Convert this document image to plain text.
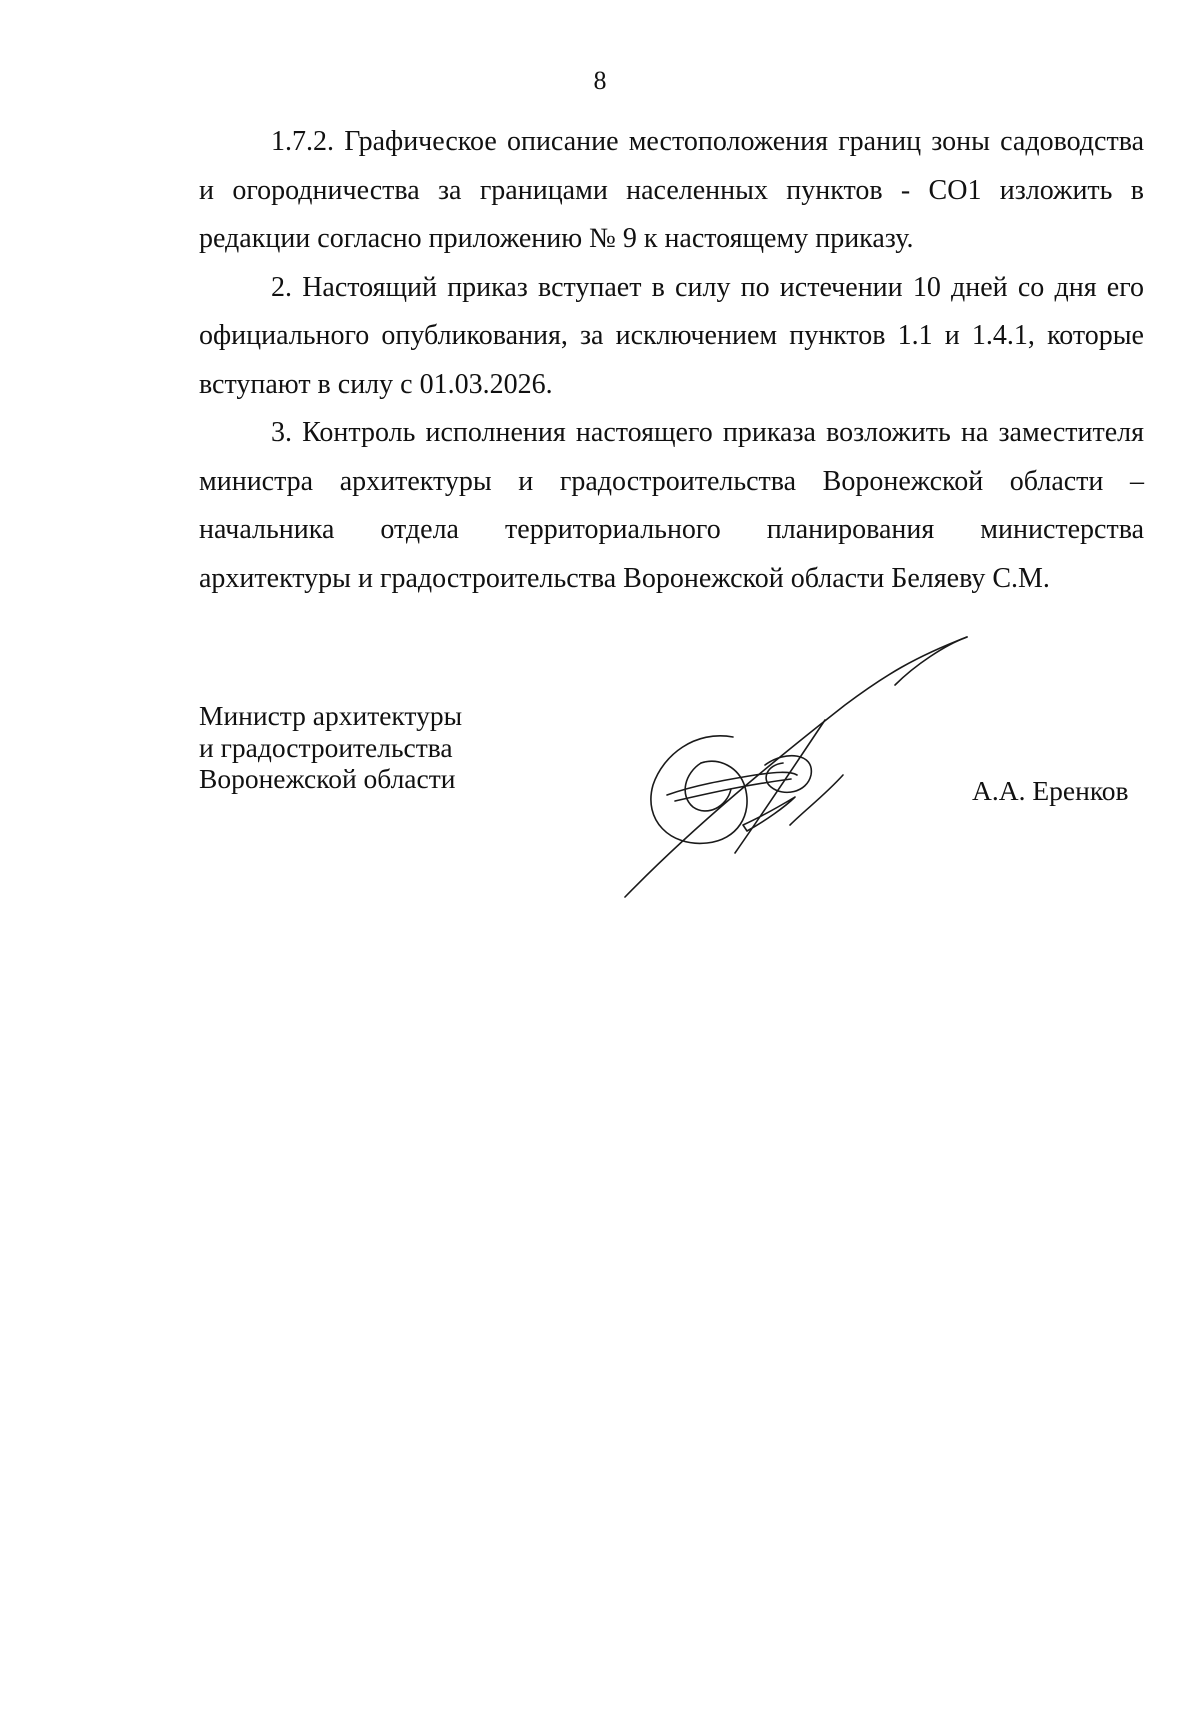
8

1.7.2. Графическое описание местоположения границ зоны садоводства и огородничества за границами населенных пунктов - СО1 изложить в редакции согласно приложению № 9 к настоящему приказу.

2. Настоящий приказ вступает в силу по истечении 10 дней со дня его официального опубликования, за исключением пунктов 1.1 и 1.4.1, которые вступают в силу с 01.03.2026.

3. Контроль исполнения настоящего приказа возложить на заместителя министра архитектуры и градостроительства Воронежской области – начальника отдела территориального планирования министерства архитектуры и градостроительства Воронежской области Беляеву С.М.

Министр архитектуры
и градостроительства
Воронежской области	А.А. Еренков
